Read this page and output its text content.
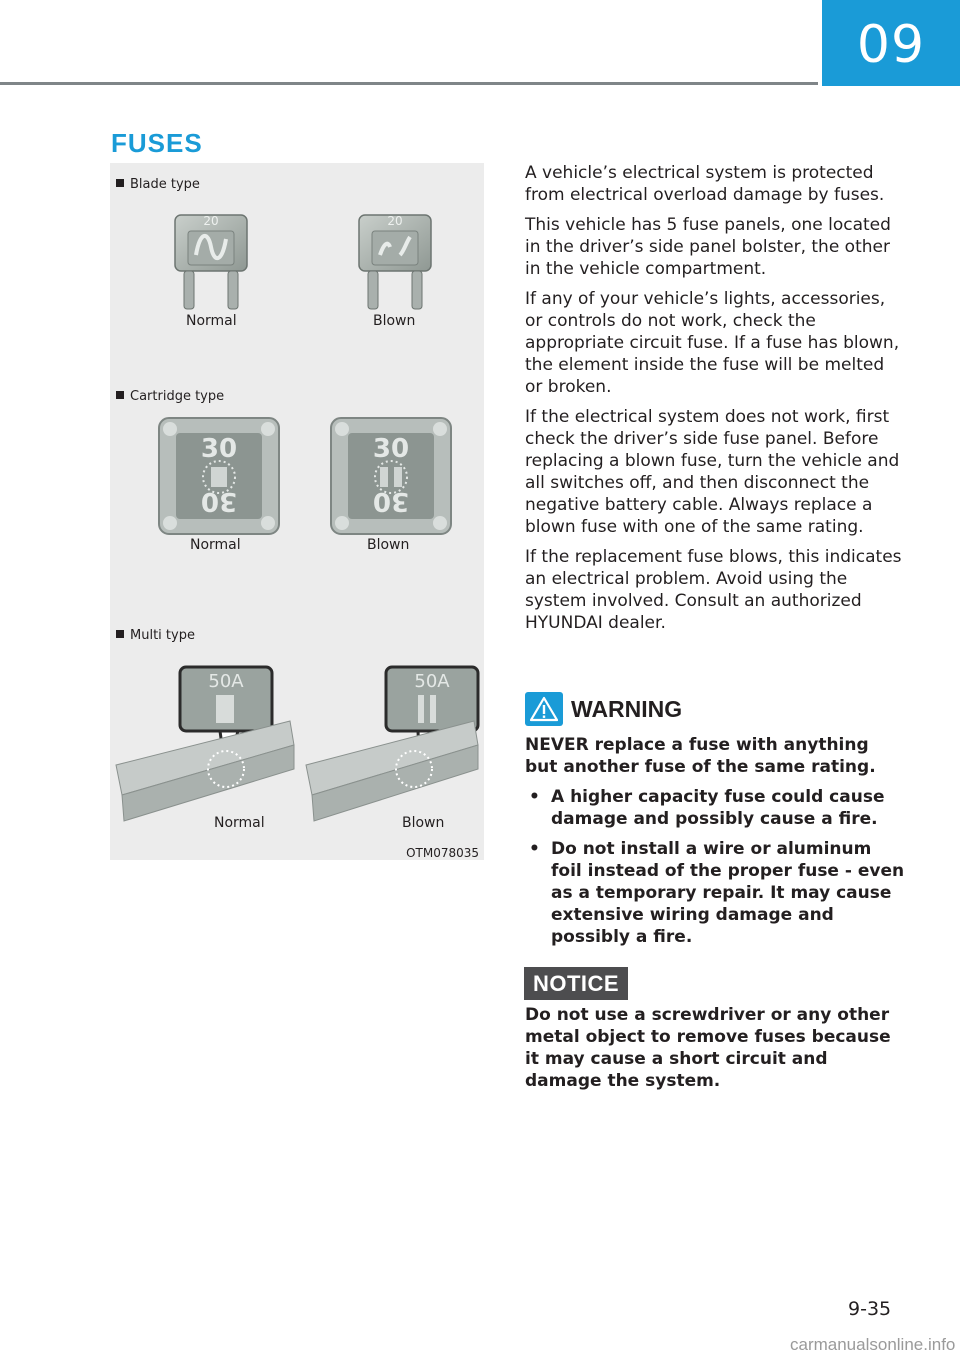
09
FUSES
Blade type
20	20
Normal	Blown
Cartridge type
30
30
30
30
Normal	Blown
Multi type
50A	50A
Normal	Blown
OTM078035

A vehicle’s electrical system is protected from electrical overload damage by fuses.

This vehicle has 5 fuse panels, one located in the driver’s side panel bolster, the other in the vehicle compartment.

If any of your vehicle’s lights, accessories, or controls do not work, check the appropriate circuit fuse. If a fuse has blown, the element inside the fuse will be melted or broken.

If the electrical system does not work, first check the driver’s side fuse panel. Before replacing a blown fuse, turn the vehicle and all switches off, and then disconnect the negative battery cable. Always replace a blown fuse with one of the same rating.

If the replacement fuse blows, this indicates an electrical problem. Avoid using the system involved. Consult an authorized HYUNDAI dealer.

WARNING

NEVER replace a fuse with anything but another fuse of the same rating.

• A higher capacity fuse could cause damage and possibly cause a fire.
• Do not install a wire or aluminum foil instead of the proper fuse - even as a temporary repair. It may cause extensive wiring damage and possibly a fire.
NOTICE
Do not use a screwdriver or any other metal object to remove fuses because it may cause a short circuit and damage the system.
9-35
carmanualsonline.info
